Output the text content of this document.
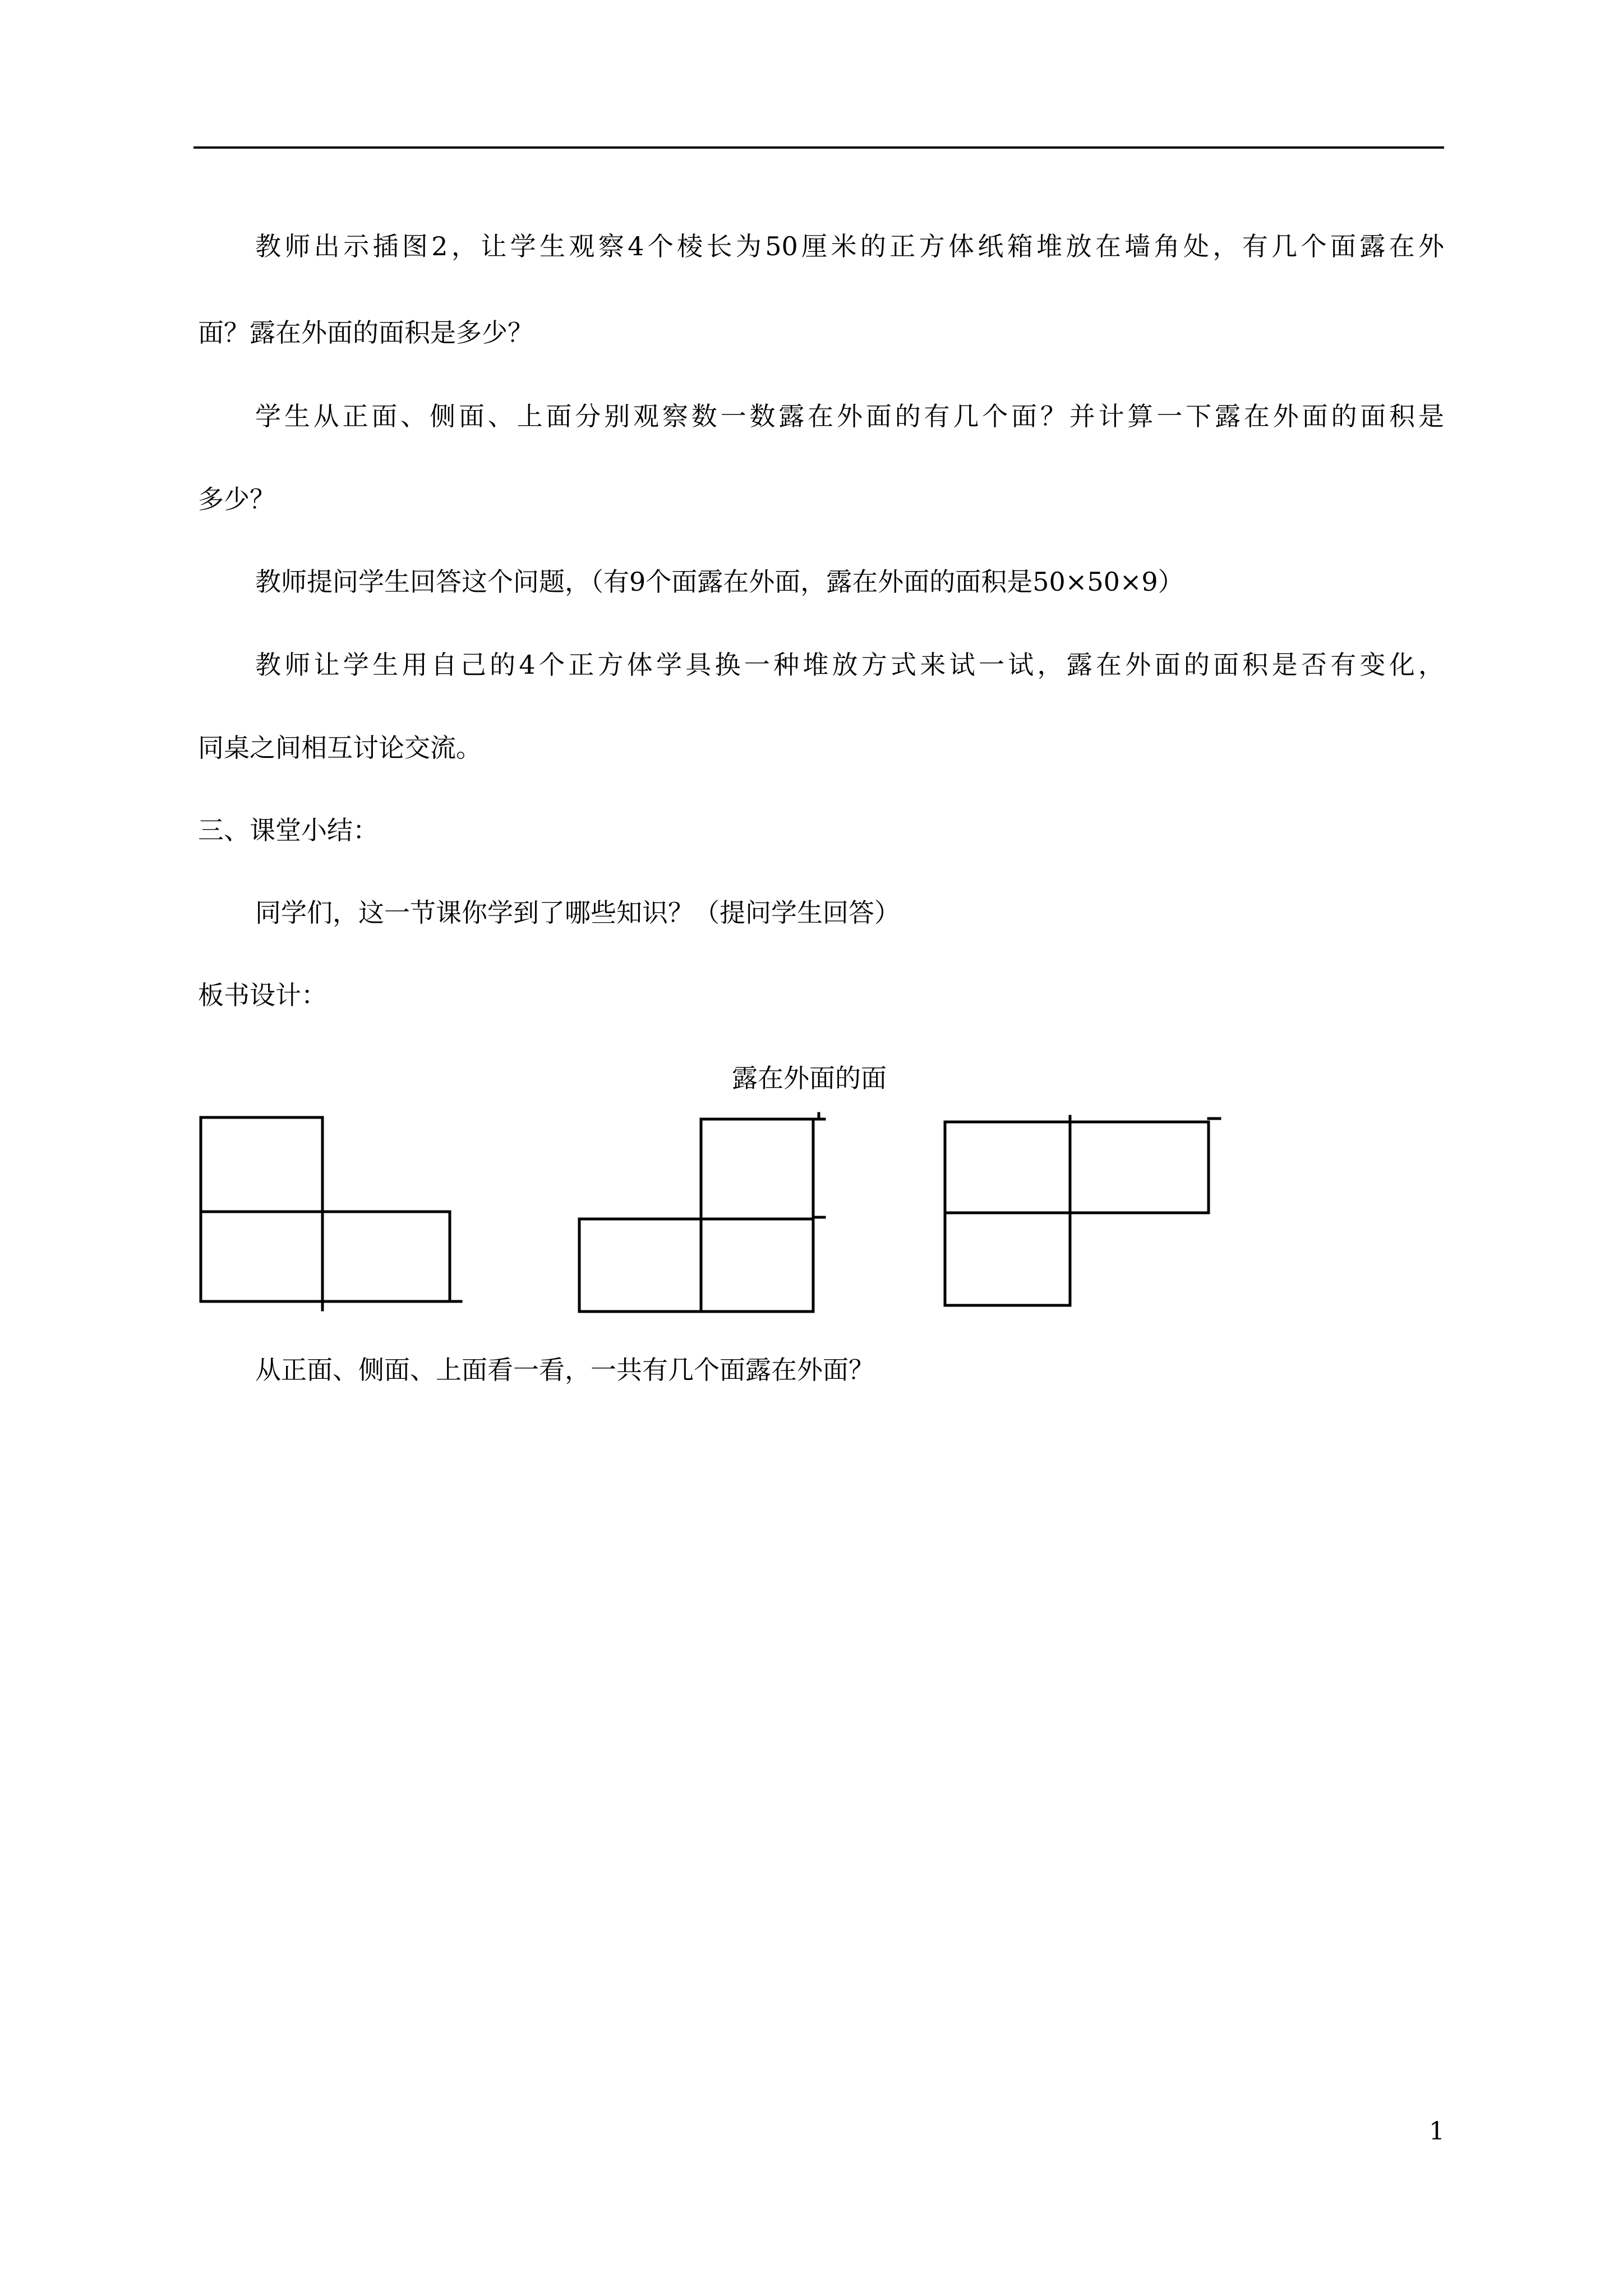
教师出示插图2，让学生观察4个棱长为50厘米的正方体纸箱堆放在墙角处，有几个面露在外

面？露在外面的面积是多少？

学生从正面、侧面、上面分别观察数一数露在外面的有几个面？并计算一下露在外面的面积是

多少？

教师提问学生回答这个问题，（有9个面露在外面，露在外面的面积是50×50×9）

教师让学生用自己的4个正方体学具换一种堆放方式来试一试，露在外面的面积是否有变化，

同桌之间相互讨论交流。

三、课堂小结：

同学们，这一节课你学到了哪些知识？（提问学生回答）

板书设计：

露在外面的面

从正面、侧面、上面看一看，一共有几个面露在外面？

1
